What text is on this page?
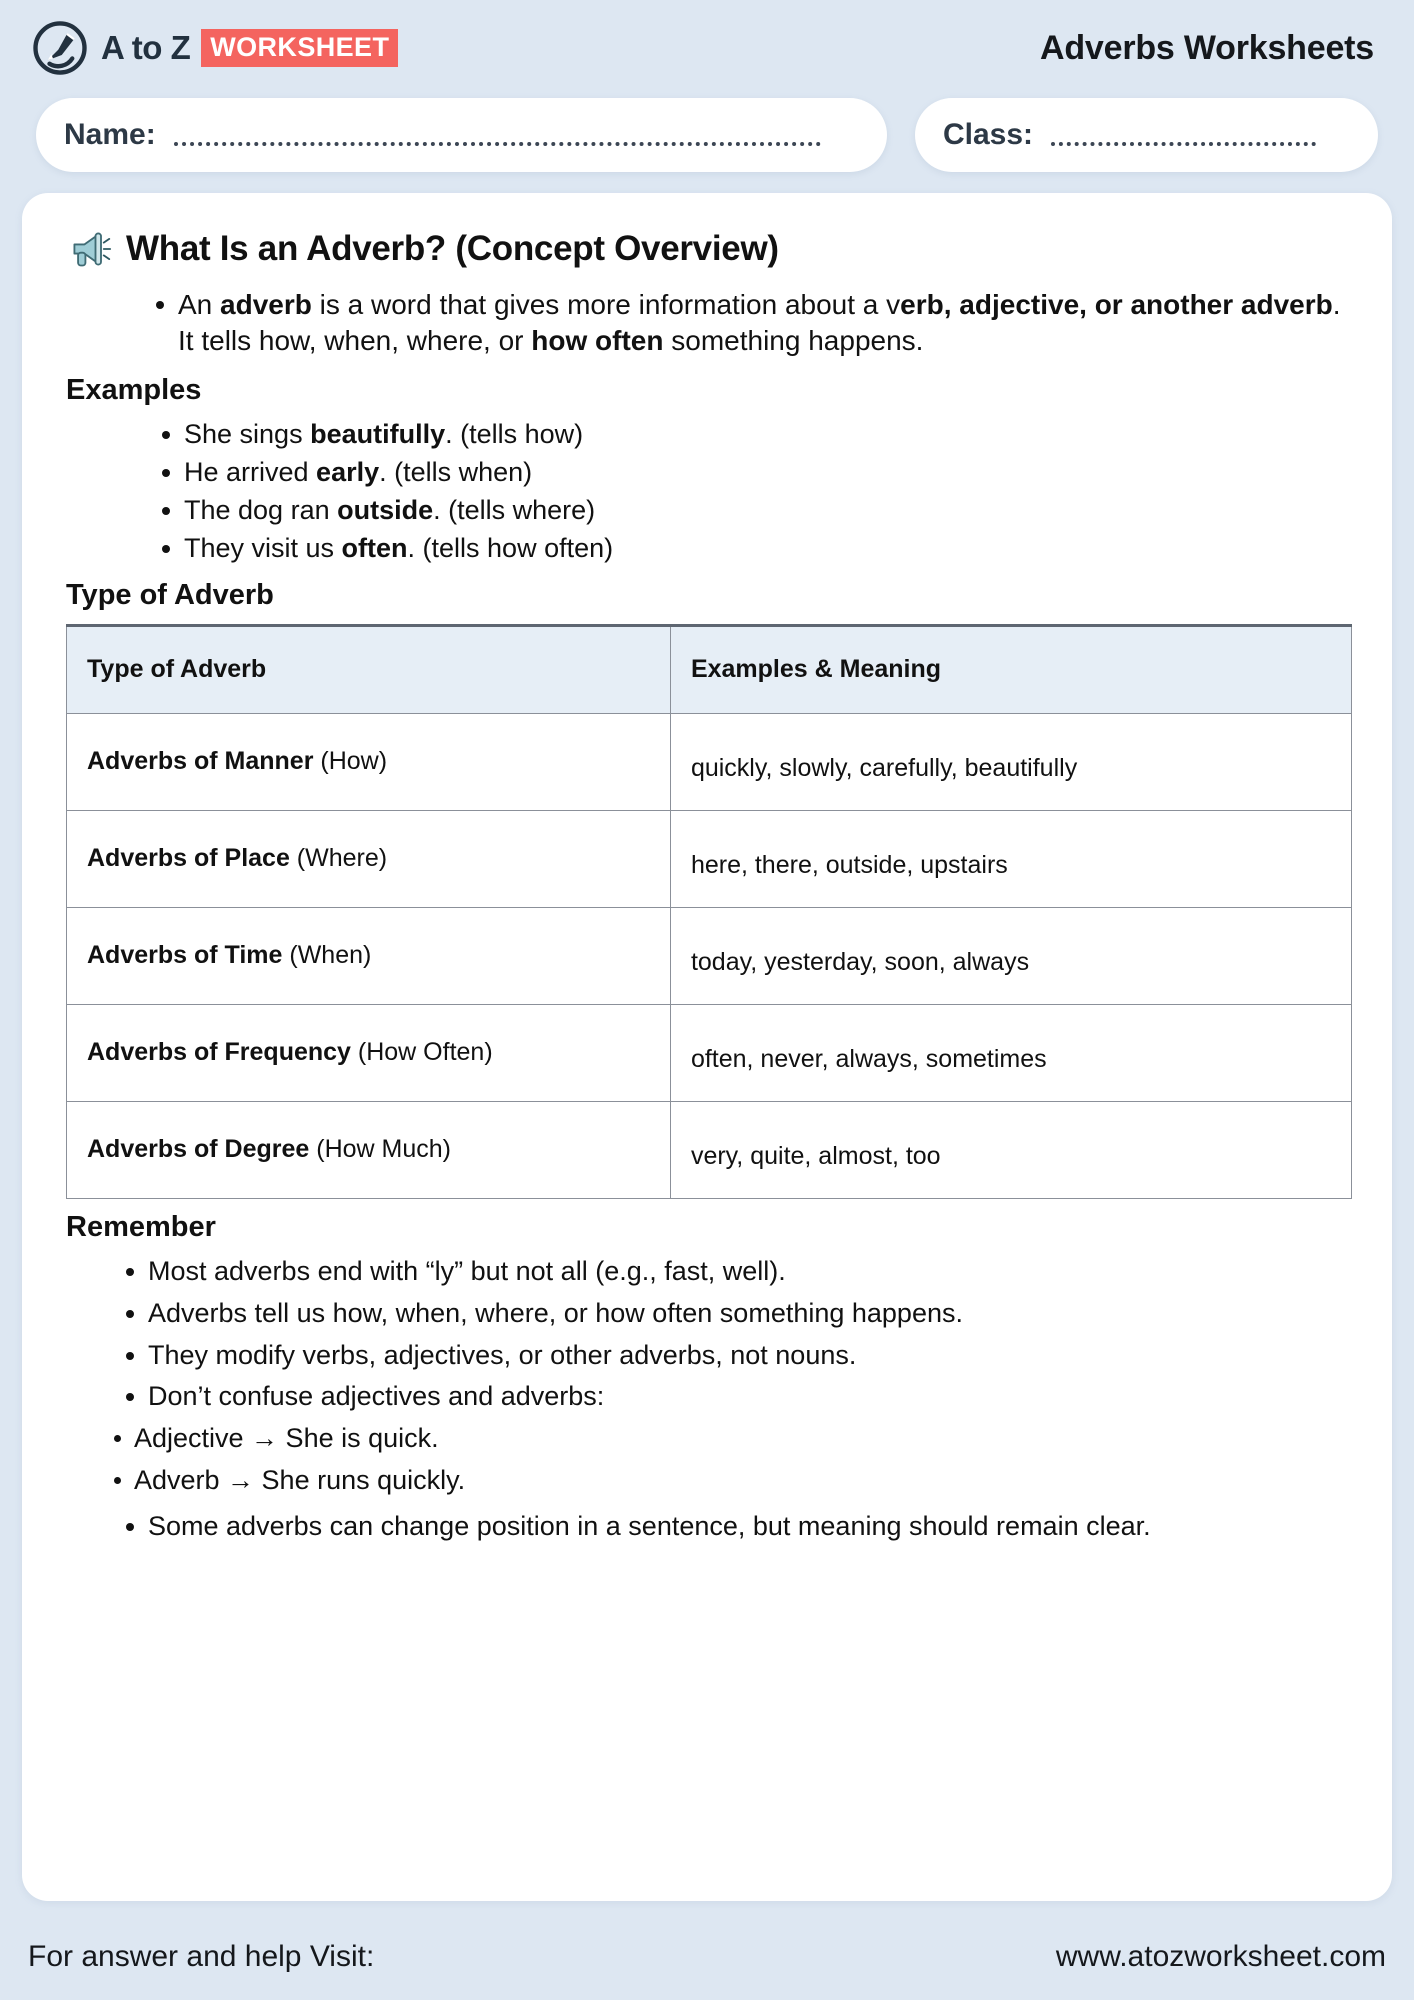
A to Z WORKSHEET	Adverbs Worksheets
Name:	Class:
What Is an Adverb? (Concept Overview)
An adverb is a word that gives more information about a verb, adjective, or another adverb. It tells how, when, where, or how often something happens.
Examples
She sings beautifully. (tells how)
He arrived early. (tells when)
The dog ran outside. (tells where)
They visit us often. (tells how often)
Type of Adverb
Type of Adverb	Examples & Meaning
Adverbs of Manner (How)	quickly, slowly, carefully, beautifully
Adverbs of Place (Where)	here, there, outside, upstairs
Adverbs of Time (When)	today, yesterday, soon, always
Adverbs of Frequency (How Often)	often, never, always, sometimes
Adverbs of Degree (How Much)	very, quite, almost, too
Remember
Most adverbs end with “ly” but not all (e.g., fast, well).
Adverbs tell us how, when, where, or how often something happens.
They modify verbs, adjectives, or other adverbs, not nouns.
Don’t confuse adjectives and adverbs:
Adjective → She is quick.
Adverb → She runs quickly.
Some adverbs can change position in a sentence, but meaning should remain clear.
For answer and help Visit:	www.atozworksheet.com
